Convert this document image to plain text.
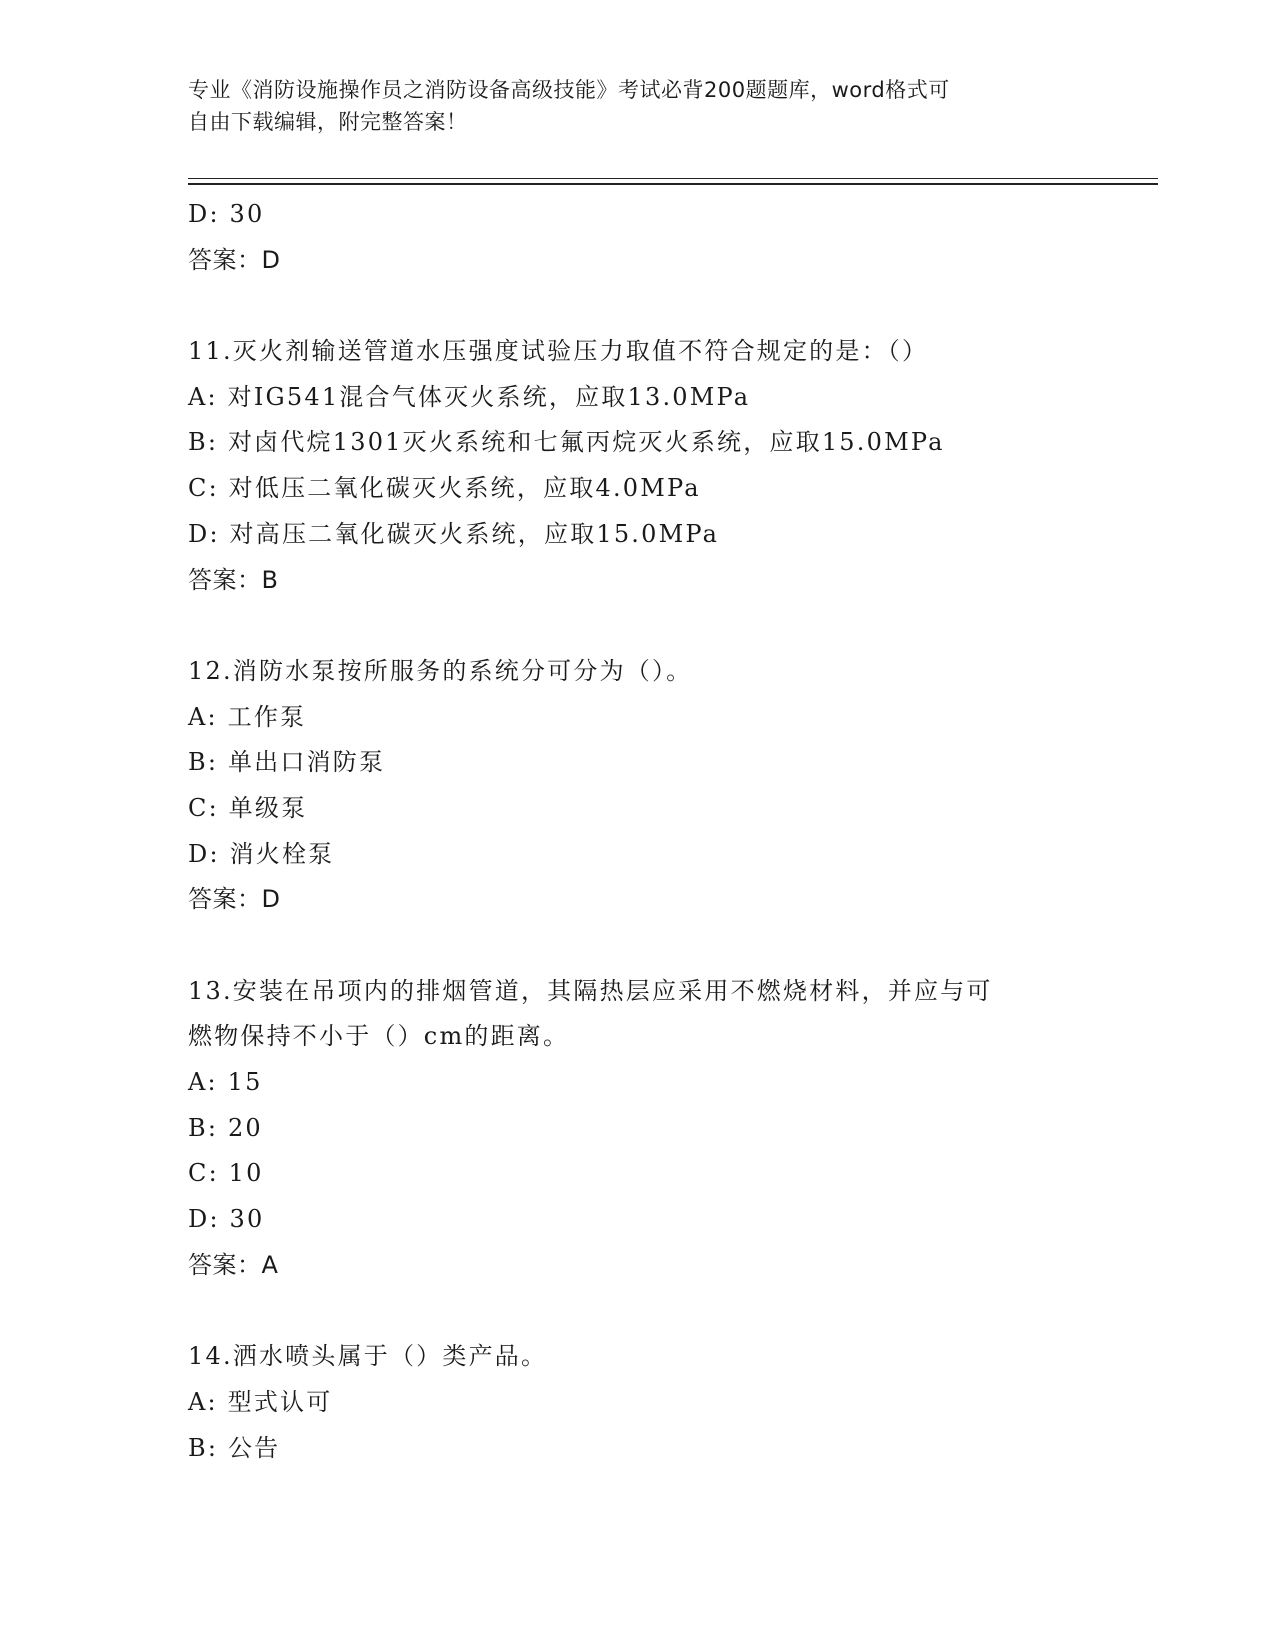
专业《消防设施操作员之消防设备高级技能》考试必背200题题库，word格式可
自由下载编辑，附完整答案！
D: 30
答案：D
11.灭火剂输送管道水压强度试验压力取值不符合规定的是：（）
A: 对IG541混合气体灭火系统，应取13.0MPa
B: 对卤代烷1301灭火系统和七氟丙烷灭火系统，应取15.0MPa
C: 对低压二氧化碳灭火系统，应取4.0MPa
D: 对高压二氧化碳灭火系统，应取15.0MPa
答案：B
12.消防水泵按所服务的系统分可分为（）。
A: 工作泵
B: 单出口消防泵
C: 单级泵
D: 消火栓泵
答案：D
13.安装在吊项内的排烟管道，其隔热层应采用不燃烧材料，并应与可
燃物保持不小于（）cm的距离。
A: 15
B: 20
C: 10
D: 30
答案：A
14.洒水喷头属于（）类产品。
A: 型式认可
B: 公告
